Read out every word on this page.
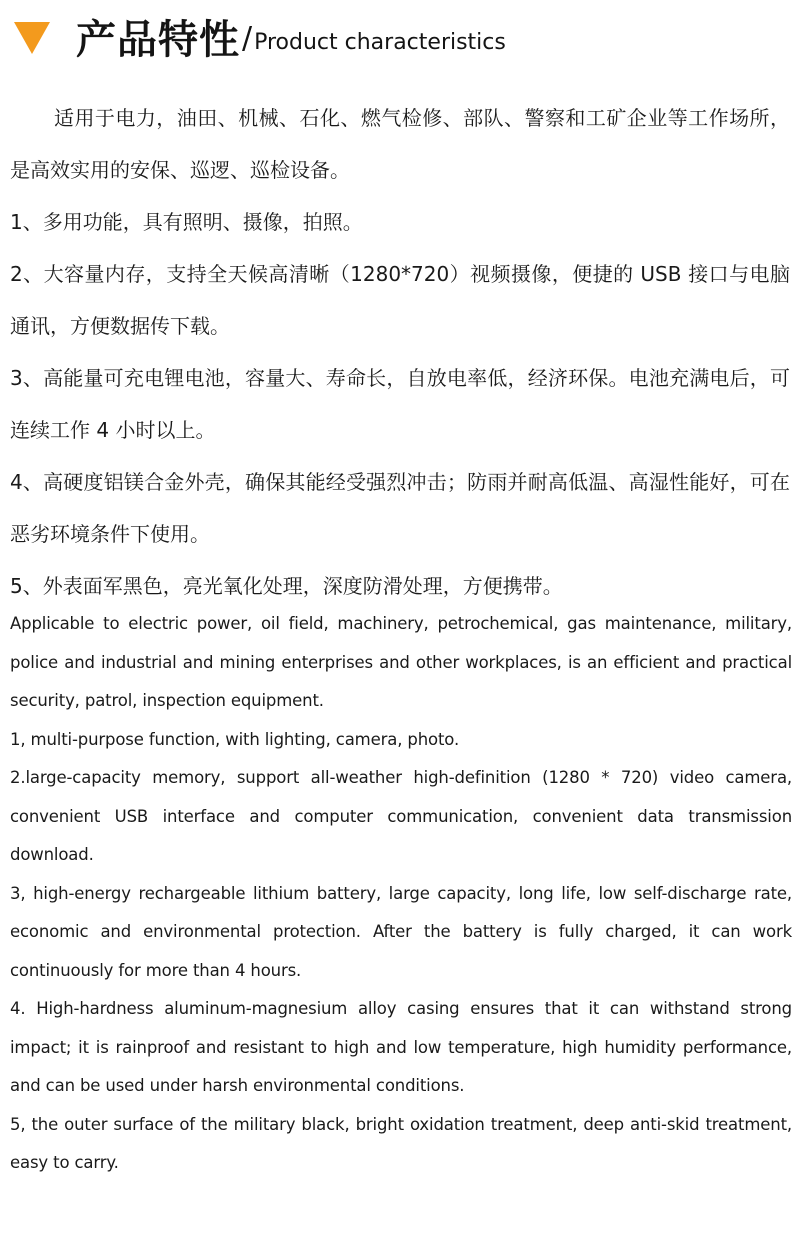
产品特性 / Product characteristics

适用于电力，油田、机械、石化、燃气检修、部队、警察和工矿企业等工作场所，是高效实用的安保、巡逻、巡检设备。

1、多用功能，具有照明、摄像，拍照。

2、大容量内存，支持全天候高清晰（1280*720）视频摄像，便捷的 USB 接口与电脑通讯，方便数据传下载。

3、高能量可充电锂电池，容量大、寿命长，自放电率低，经济环保。电池充满电后，可连续工作 4 小时以上。

4、高硬度铝镁合金外壳，确保其能经受强烈冲击；防雨并耐高低温、高湿性能好，可在恶劣环境条件下使用。

5、外表面军黑色，亮光氧化处理，深度防滑处理，方便携带。

Applicable to electric power, oil field, machinery, petrochemical, gas maintenance, military, police and industrial and mining enterprises and other workplaces, is an efficient and practical security, patrol, inspection equipment.

1, multi-purpose function, with lighting, camera, photo.

2.large-capacity memory, support all-weather high-definition (1280 * 720) video camera, convenient USB interface and computer communication, convenient data transmission download.

3, high-energy rechargeable lithium battery, large capacity, long life, low self-discharge rate, economic and environmental protection. After the battery is fully charged, it can work continuously for more than 4 hours.

4. High-hardness aluminum-magnesium alloy casing ensures that it can withstand strong impact; it is rainproof and resistant to high and low temperature, high humidity performance, and can be used under harsh environmental conditions.

5, the outer surface of the military black, bright oxidation treatment, deep anti-skid treatment, easy to carry.
